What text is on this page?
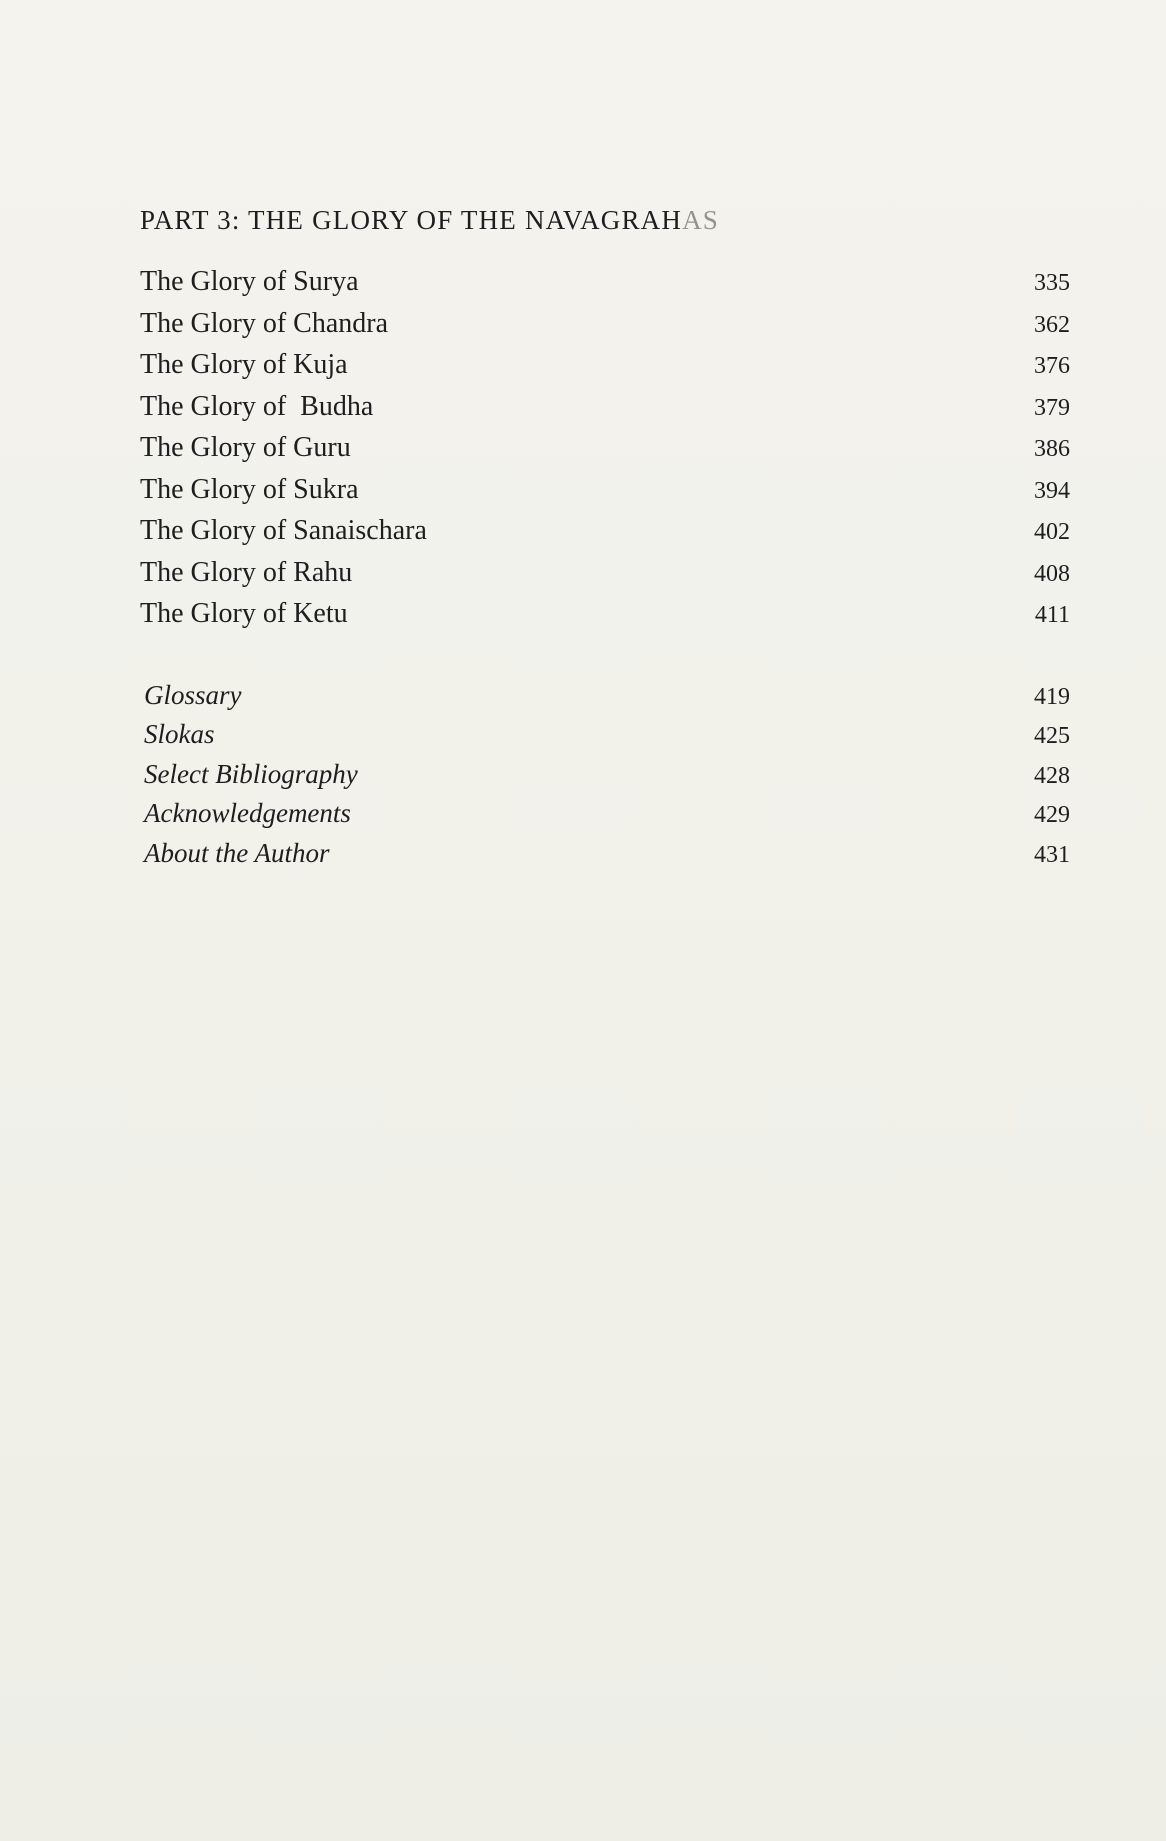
PART 3: THE GLORY OF THE NAVAGRAHAS
The Glory of Surya	335
The Glory of Chandra	362
The Glory of Kuja	376
The Glory of  Budha	379
The Glory of Guru	386
The Glory of Sukra	394
The Glory of Sanaischara	402
The Glory of Rahu	408
The Glory of Ketu	411
Glossary	419
Slokas	425
Select Bibliography	428
Acknowledgements	429
About the Author	431
